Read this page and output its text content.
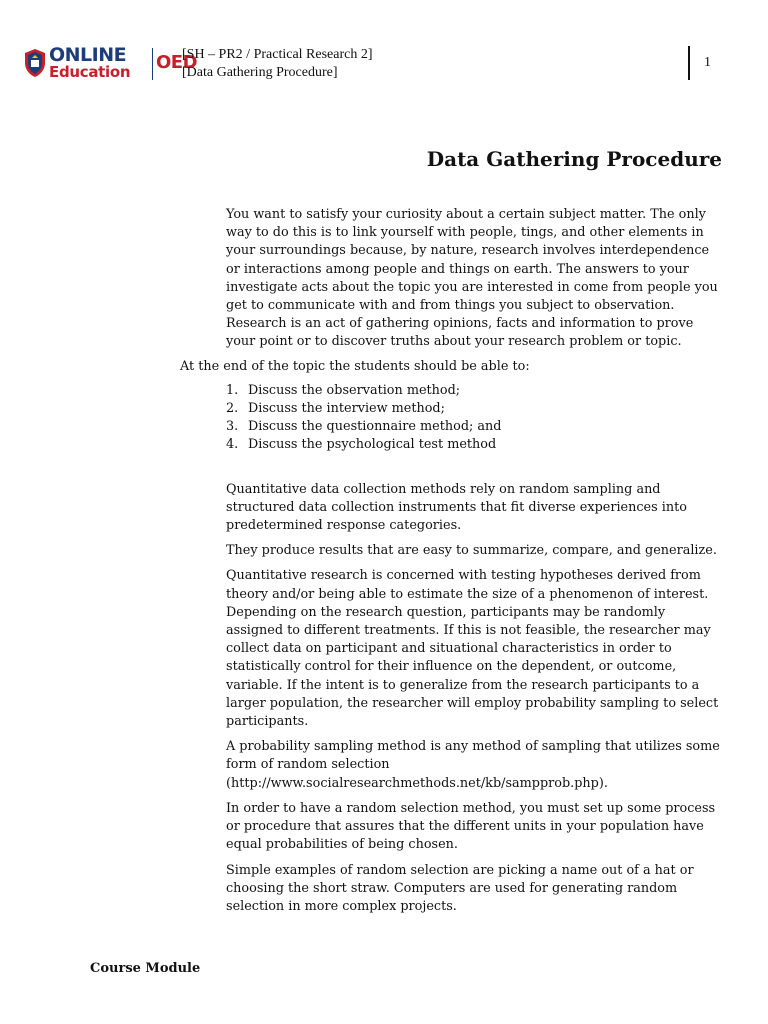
ONLINE
Education OED
[SH – PR2 / Practical Research 2]
[Data Gathering Procedure]
1
Data Gathering Procedure

You want to satisfy your curiosity about a certain subject matter. The only way to do this is to link yourself with people, tings, and other elements in your surroundings because, by nature, research involves interdependence or interactions among people and things on earth. The answers to your investigate acts about the topic you are interested in come from people you get to communicate with and from things you subject to observation. Research is an act of gathering opinions, facts and information to prove your point or to discover truths about your research problem or topic.

At the end of the topic the students should be able to:

1. Discuss the observation method;
2. Discuss the interview method;
3. Discuss the questionnaire method; and
4. Discuss the psychological test method

Quantitative data collection methods rely on random sampling and structured data collection instruments that fit diverse experiences into predetermined response categories.

They produce results that are easy to summarize, compare, and generalize.

Quantitative research is concerned with testing hypotheses derived from theory and/or being able to estimate the size of a phenomenon of interest. Depending on the research question, participants may be randomly assigned to different treatments. If this is not feasible, the researcher may collect data on participant and situational characteristics in order to statistically control for their influence on the dependent, or outcome, variable. If the intent is to generalize from the research participants to a larger population, the researcher will employ probability sampling to select participants.

A probability sampling method is any method of sampling that utilizes some form of random selection (http://www.socialresearchmethods.net/kb/sampprob.php).

In order to have a random selection method, you must set up some process or procedure that assures that the different units in your population have equal probabilities of being chosen.

Simple examples of random selection are picking a name out of a hat or choosing the short straw. Computers are used for generating random selection in more complex projects.

Course Module
